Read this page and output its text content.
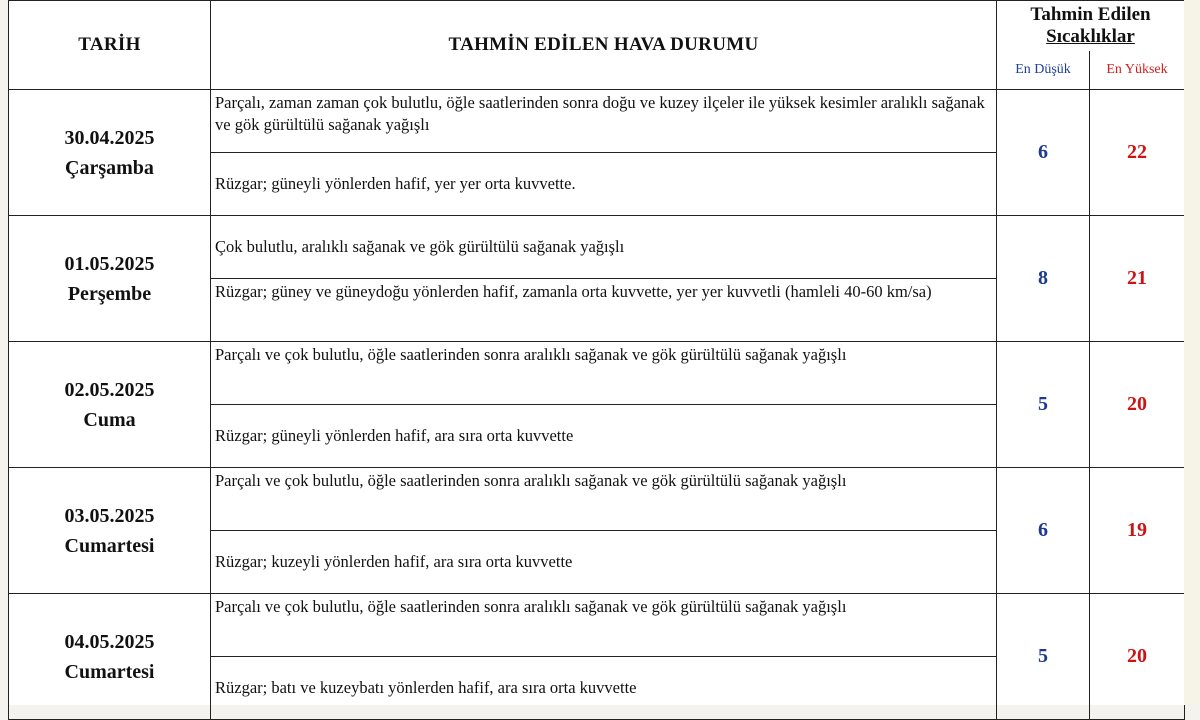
TARİH	TAHMİN EDİLEN HAVA DURUMU	Tahmin Edilen
Sıcaklıklar	

		En Düşük	En Yüksek

30.04.2025
Çarşamba	Parçalı, zaman zaman çok bulutlu, öğle saatlerinden sonra doğu ve kuzey ilçeler ile yüksek kesimler aralıklı sağanak ve gök gürültülü sağanak yağışlı	6	22
	Rüzgar; güneyli yönlerden hafif, yer yer orta kuvvette.		

01.05.2025
Perşembe	Çok bulutlu, aralıklı sağanak ve gök gürültülü sağanak yağışlı	8	21
	Rüzgar; güney ve güneydoğu yönlerden hafif, zamanla orta kuvvette, yer yer kuvvetli (hamleli 40-60 km/sa)		

02.05.2025
Cuma	Parçalı ve çok bulutlu, öğle saatlerinden sonra aralıklı sağanak ve gök gürültülü sağanak yağışlı	5	20
	Rüzgar; güneyli yönlerden hafif, ara sıra orta kuvvette		

03.05.2025
Cumartesi	Parçalı ve çok bulutlu, öğle saatlerinden sonra aralıklı sağanak ve gök gürültülü sağanak yağışlı	6	19
	Rüzgar; kuzeyli yönlerden hafif, ara sıra orta kuvvette		

04.05.2025
Cumartesi	Parçalı ve çok bulutlu, öğle saatlerinden sonra aralıklı sağanak ve gök gürültülü sağanak yağışlı	5	20
	Rüzgar; batı ve kuzeybatı yönlerden hafif, ara sıra orta kuvvette		
